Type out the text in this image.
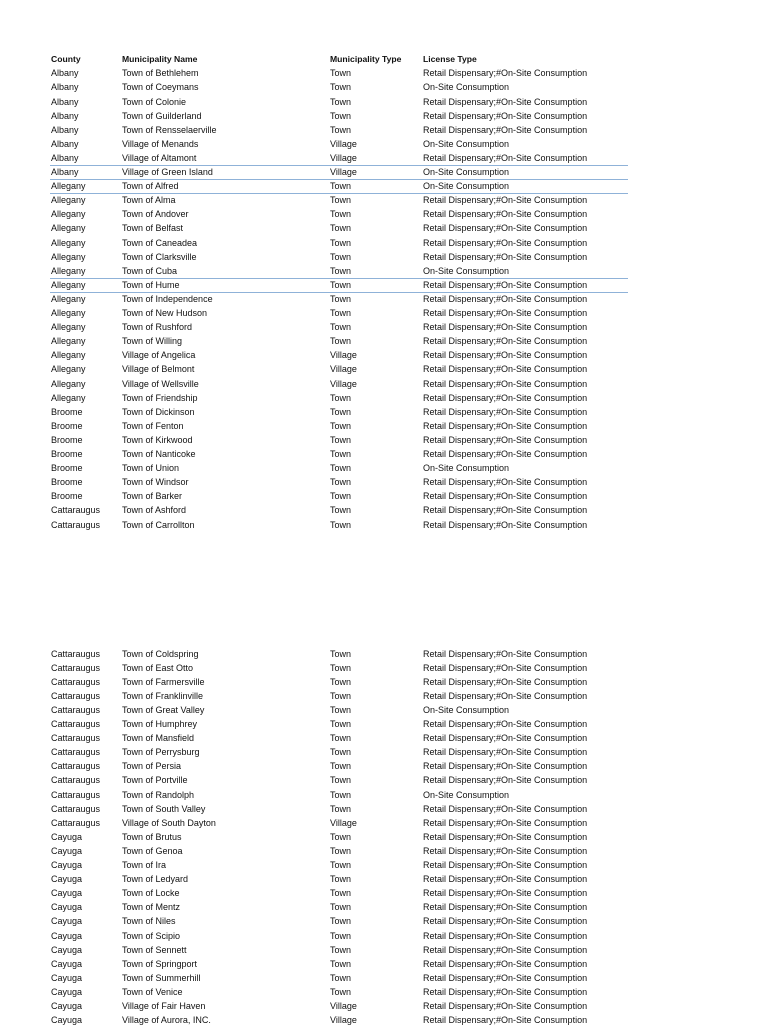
County	Municipality Name	Municipality Type	License Type
Albany	Town of Bethlehem	Town	Retail Dispensary;#On-Site Consumption
Albany	Town of Coeymans	Town	On-Site Consumption
Albany	Town of Colonie	Town	Retail Dispensary;#On-Site Consumption
Albany	Town of Guilderland	Town	Retail Dispensary;#On-Site Consumption
Albany	Town of Rensselaerville	Town	Retail Dispensary;#On-Site Consumption
Albany	Village of Menands	Village	On-Site Consumption
Albany	Village of Altamont	Village	Retail Dispensary;#On-Site Consumption
Albany	Village of Green Island	Village	On-Site Consumption
Allegany	Town of Alfred	Town	On-Site Consumption
Allegany	Town of Alma	Town	Retail Dispensary;#On-Site Consumption
Allegany	Town of Andover	Town	Retail Dispensary;#On-Site Consumption
Allegany	Town of Belfast	Town	Retail Dispensary;#On-Site Consumption
Allegany	Town of Caneadea	Town	Retail Dispensary;#On-Site Consumption
Allegany	Town of Clarksville	Town	Retail Dispensary;#On-Site Consumption
Allegany	Town of Cuba	Town	On-Site Consumption
Allegany	Town of Hume	Town	Retail Dispensary;#On-Site Consumption
Allegany	Town of Independence	Town	Retail Dispensary;#On-Site Consumption
Allegany	Town of New Hudson	Town	Retail Dispensary;#On-Site Consumption
Allegany	Town of Rushford	Town	Retail Dispensary;#On-Site Consumption
Allegany	Town of Willing	Town	Retail Dispensary;#On-Site Consumption
Allegany	Village of Angelica	Village	Retail Dispensary;#On-Site Consumption
Allegany	Village of Belmont	Village	Retail Dispensary;#On-Site Consumption
Allegany	Village of Wellsville	Village	Retail Dispensary;#On-Site Consumption
Allegany	Town of Friendship	Town	Retail Dispensary;#On-Site Consumption
Broome	Town of Dickinson	Town	Retail Dispensary;#On-Site Consumption
Broome	Town of Fenton	Town	Retail Dispensary;#On-Site Consumption
Broome	Town of Kirkwood	Town	Retail Dispensary;#On-Site Consumption
Broome	Town of Nanticoke	Town	Retail Dispensary;#On-Site Consumption
Broome	Town of Union	Town	On-Site Consumption
Broome	Town of Windsor	Town	Retail Dispensary;#On-Site Consumption
Broome	Town of Barker	Town	Retail Dispensary;#On-Site Consumption
Cattaraugus Town of Ashford	Town	Retail Dispensary;#On-Site Consumption
Cattaraugus Town of Carrollton	Town	Retail Dispensary;#On-Site Consumption
Cattaraugus Town of Coldspring	Town	Retail Dispensary;#On-Site Consumption
Cattaraugus Town of East Otto	Town	Retail Dispensary;#On-Site Consumption
Cattaraugus Town of Farmersville	Town	Retail Dispensary;#On-Site Consumption
Cattaraugus Town of Franklinville	Town	Retail Dispensary;#On-Site Consumption
Cattaraugus Town of Great Valley	Town	On-Site Consumption
Cattaraugus Town of Humphrey	Town	Retail Dispensary;#On-Site Consumption
Cattaraugus Town of Mansfield	Town	Retail Dispensary;#On-Site Consumption
Cattaraugus Town of Perrysburg	Town	Retail Dispensary;#On-Site Consumption
Cattaraugus Town of Persia	Town	Retail Dispensary;#On-Site Consumption
Cattaraugus Town of Portville	Town	Retail Dispensary;#On-Site Consumption
Cattaraugus Town of Randolph	Town	On-Site Consumption
Cattaraugus Town of South Valley	Town	Retail Dispensary;#On-Site Consumption
Cattaraugus Village of South Dayton	Village	Retail Dispensary;#On-Site Consumption
Cayuga	Town of Brutus	Town	Retail Dispensary;#On-Site Consumption
Cayuga	Town of Genoa	Town	Retail Dispensary;#On-Site Consumption
Cayuga	Town of Ira	Town	Retail Dispensary;#On-Site Consumption
Cayuga	Town of Ledyard	Town	Retail Dispensary;#On-Site Consumption
Cayuga	Town of Locke	Town	Retail Dispensary;#On-Site Consumption
Cayuga	Town of Mentz	Town	Retail Dispensary;#On-Site Consumption
Cayuga	Town of Niles	Town	Retail Dispensary;#On-Site Consumption
Cayuga	Town of Scipio	Town	Retail Dispensary;#On-Site Consumption
Cayuga	Town of Sennett	Town	Retail Dispensary;#On-Site Consumption
Cayuga	Town of Springport	Town	Retail Dispensary;#On-Site Consumption
Cayuga	Town of Summerhill	Town	Retail Dispensary;#On-Site Consumption
Cayuga	Town of Venice	Town	Retail Dispensary;#On-Site Consumption
Cayuga	Village of Fair Haven	Village	Retail Dispensary;#On-Site Consumption
Cayuga	Village of Aurora, INC.	Village	Retail Dispensary;#On-Site Consumption
